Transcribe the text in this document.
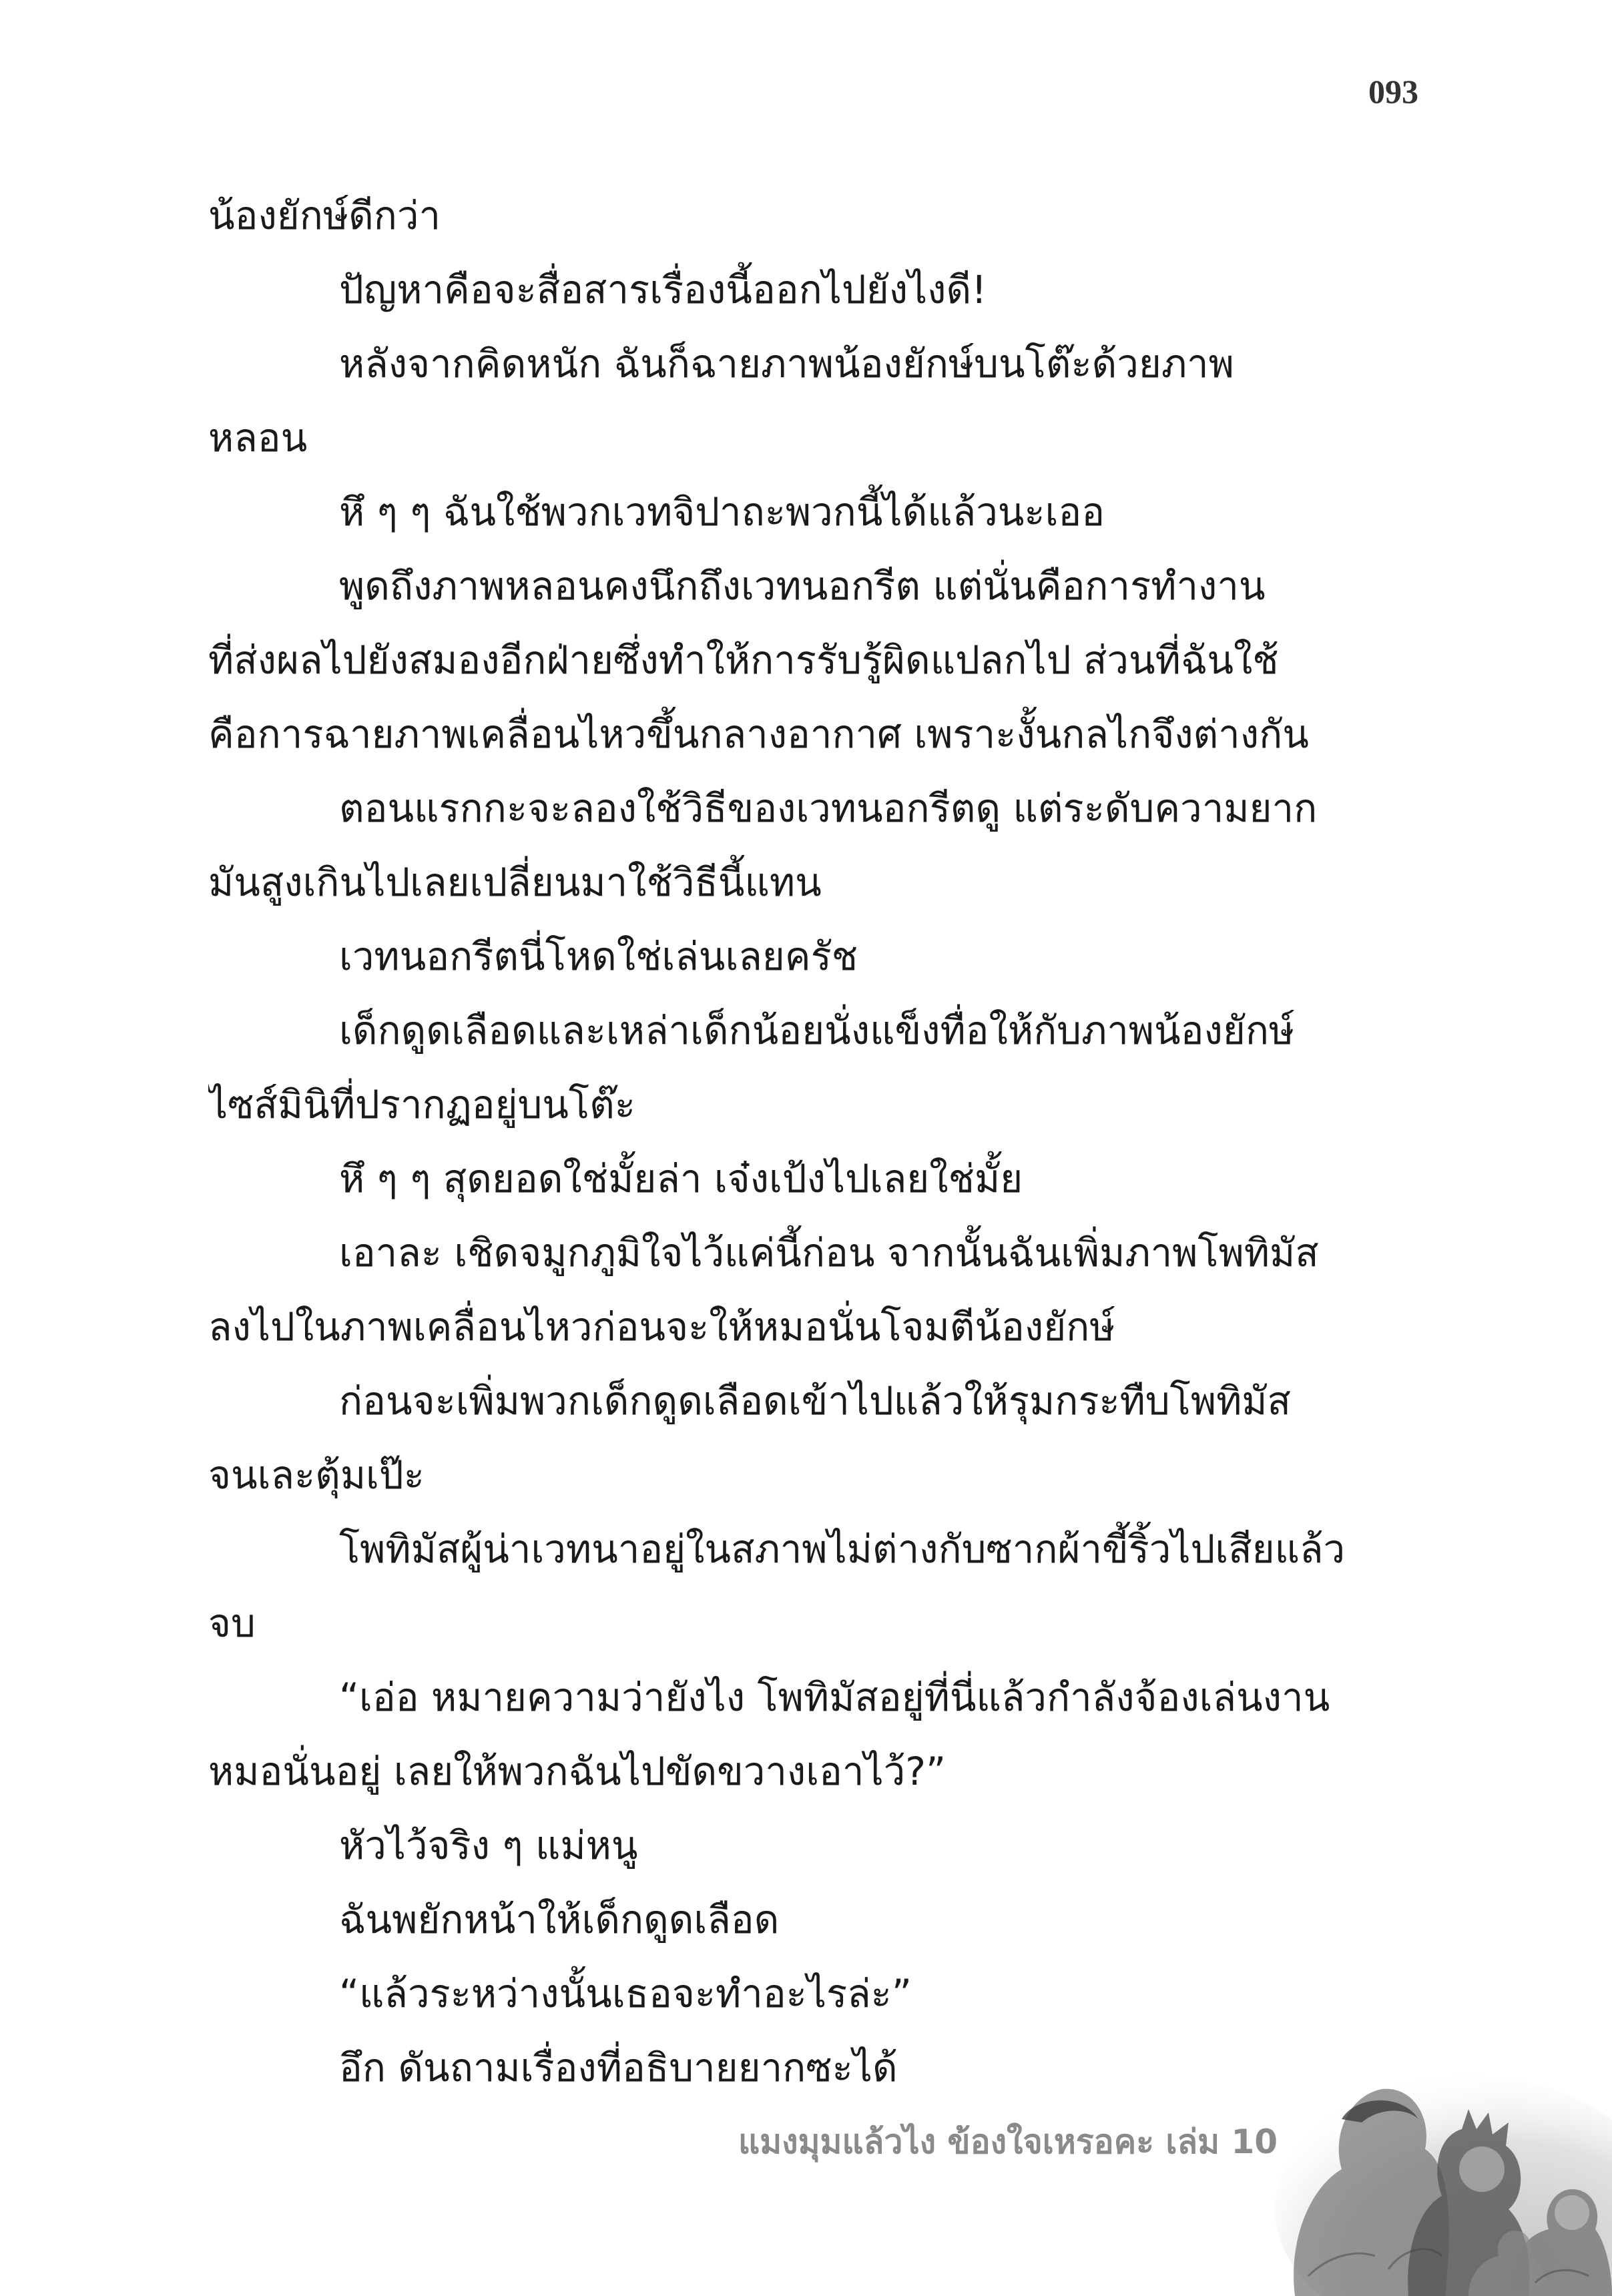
093
น้องยักษ์ดีกว่า
ปัญหาคือจะสื่อสารเรื่องนี้ออกไปยังไงดี!
หลังจากคิดหนัก ฉันก็ฉายภาพน้องยักษ์บนโต๊ะด้วยภาพ
หลอน
หึ ๆ ๆ ฉันใช้พวกเวทจิปาถะพวกนี้ได้แล้วนะเออ
พูดถึงภาพหลอนคงนึกถึงเวทนอกรีต แต่นั่นคือการทำงาน
ที่ส่งผลไปยังสมองอีกฝ่ายซึ่งทำให้การรับรู้ผิดแปลกไป ส่วนที่ฉันใช้
คือการฉายภาพเคลื่อนไหวขึ้นกลางอากาศ เพราะงั้นกลไกจึงต่างกัน
ตอนแรกกะจะลองใช้วิธีของเวทนอกรีตดู แต่ระดับความยาก
มันสูงเกินไปเลยเปลี่ยนมาใช้วิธีนี้แทน
เวทนอกรีตนี่โหดใช่เล่นเลยครัช
เด็กดูดเลือดและเหล่าเด็กน้อยนั่งแข็งทื่อให้กับภาพน้องยักษ์
ไซส์มินิที่ปรากฏอยู่บนโต๊ะ
หึ ๆ ๆ สุดยอดใช่มั้ยล่า เจ๋งเป้งไปเลยใช่มั้ย
เอาละ เชิดจมูกภูมิใจไว้แค่นี้ก่อน จากนั้นฉันเพิ่มภาพโพทิมัส
ลงไปในภาพเคลื่อนไหวก่อนจะให้หมอนั่นโจมตีน้องยักษ์
ก่อนจะเพิ่มพวกเด็กดูดเลือดเข้าไปแล้วให้รุมกระทืบโพทิมัส
จนเละตุ้มเป๊ะ
โพทิมัสผู้น่าเวทนาอยู่ในสภาพไม่ต่างกับซากผ้าขี้ริ้วไปเสียแล้ว
จบ
“เอ่อ หมายความว่ายังไง โพทิมัสอยู่ที่นี่แล้วกำลังจ้องเล่นงาน
หมอนั่นอยู่ เลยให้พวกฉันไปขัดขวางเอาไว้?”
หัวไว้จริง ๆ แม่หนู
ฉันพยักหน้าให้เด็กดูดเลือด
“แล้วระหว่างนั้นเธอจะทำอะไรล่ะ”
อึก ดันถามเรื่องที่อธิบายยากซะได้
แมงมุมแล้วไง ข้องใจเหรอคะ เล่ม 10
